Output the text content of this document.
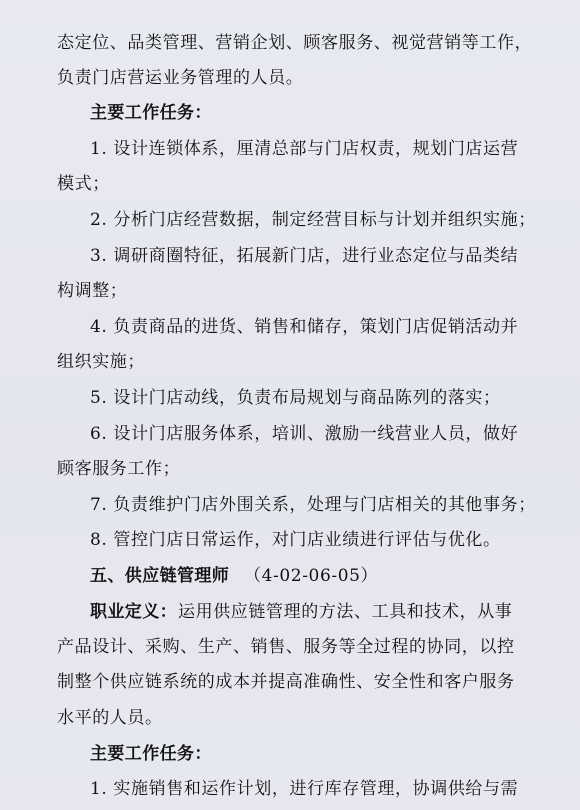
态定位、品类管理、营销企划、顾客服务、视觉营销等工作，
负责门店营运业务管理的人员。
主要工作任务：
1. 设计连锁体系，厘清总部与门店权责，规划门店运营
模式；
2. 分析门店经营数据，制定经营目标与计划并组织实施；
3. 调研商圈特征，拓展新门店，进行业态定位与品类结
构调整；
4. 负责商品的进货、销售和储存，策划门店促销活动并
组织实施；
5. 设计门店动线，负责布局规划与商品陈列的落实；
6. 设计门店服务体系，培训、激励一线营业人员，做好
顾客服务工作；
7. 负责维护门店外围关系，处理与门店相关的其他事务；
8. 管控门店日常运作，对门店业绩进行评估与优化。
五、供应链管理师 （4-02-06-05）
职业定义： 运用供应链管理的方法、工具和技术，从事
产品设计、采购、生产、销售、服务等全过程的协同，以控
制整个供应链系统的成本并提高准确性、安全性和客户服务
水平的人员。
主要工作任务：
1. 实施销售和运作计划，进行库存管理，协调供给与需
